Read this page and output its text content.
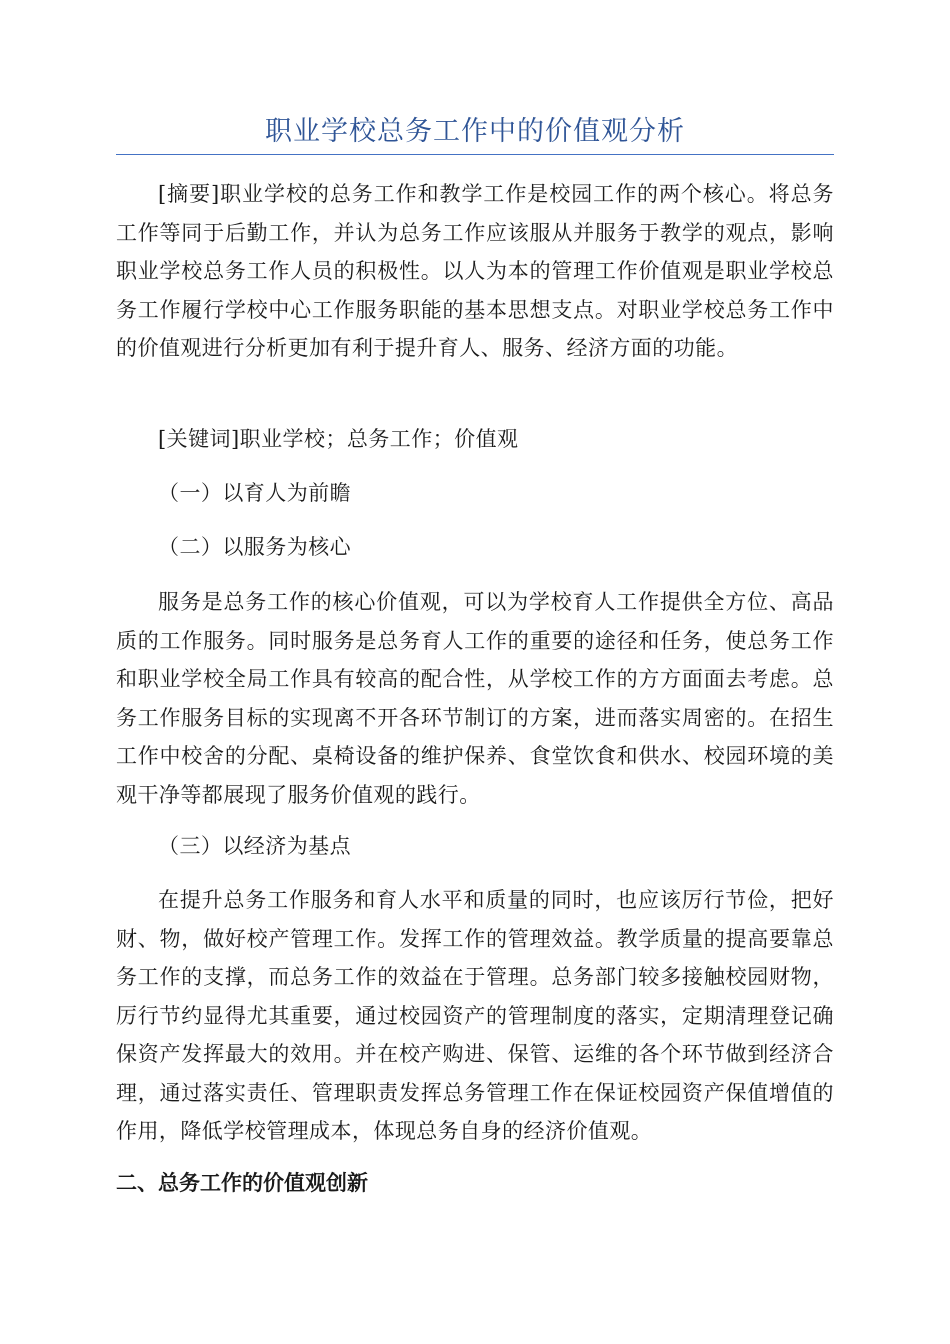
职业学校总务工作中的价值观分析

[摘要]职业学校的总务工作和教学工作是校园工作的两个核心。将总务工作等同于后勤工作，并认为总务工作应该服从并服务于教学的观点，影响职业学校总务工作人员的积极性。以人为本的管理工作价值观是职业学校总务工作履行学校中心工作服务职能的基本思想支点。对职业学校总务工作中的价值观进行分析更加有利于提升育人、服务、经济方面的功能。

[关键词]职业学校；总务工作；价值观

（一）以育人为前瞻

（二）以服务为核心

服务是总务工作的核心价值观，可以为学校育人工作提供全方位、高品质的工作服务。同时服务是总务育人工作的重要的途径和任务，使总务工作和职业学校全局工作具有较高的配合性，从学校工作的方方面面去考虑。总务工作服务目标的实现离不开各环节制订的方案，进而落实周密的。在招生工作中校舍的分配、桌椅设备的维护保养、食堂饮食和供水、校园环境的美观干净等都展现了服务价值观的践行。

（三）以经济为基点

在提升总务工作服务和育人水平和质量的同时，也应该厉行节俭，把好财、物，做好校产管理工作。发挥工作的管理效益。教学质量的提高要靠总务工作的支撑，而总务工作的效益在于管理。总务部门较多接触校园财物，厉行节约显得尤其重要，通过校园资产的管理制度的落实，定期清理登记确保资产发挥最大的效用。并在校产购进、保管、运维的各个环节做到经济合理，通过落实责任、管理职责发挥总务管理工作在保证校园资产保值增值的作用，降低学校管理成本，体现总务自身的经济价值观。

二、总务工作的价值观创新
